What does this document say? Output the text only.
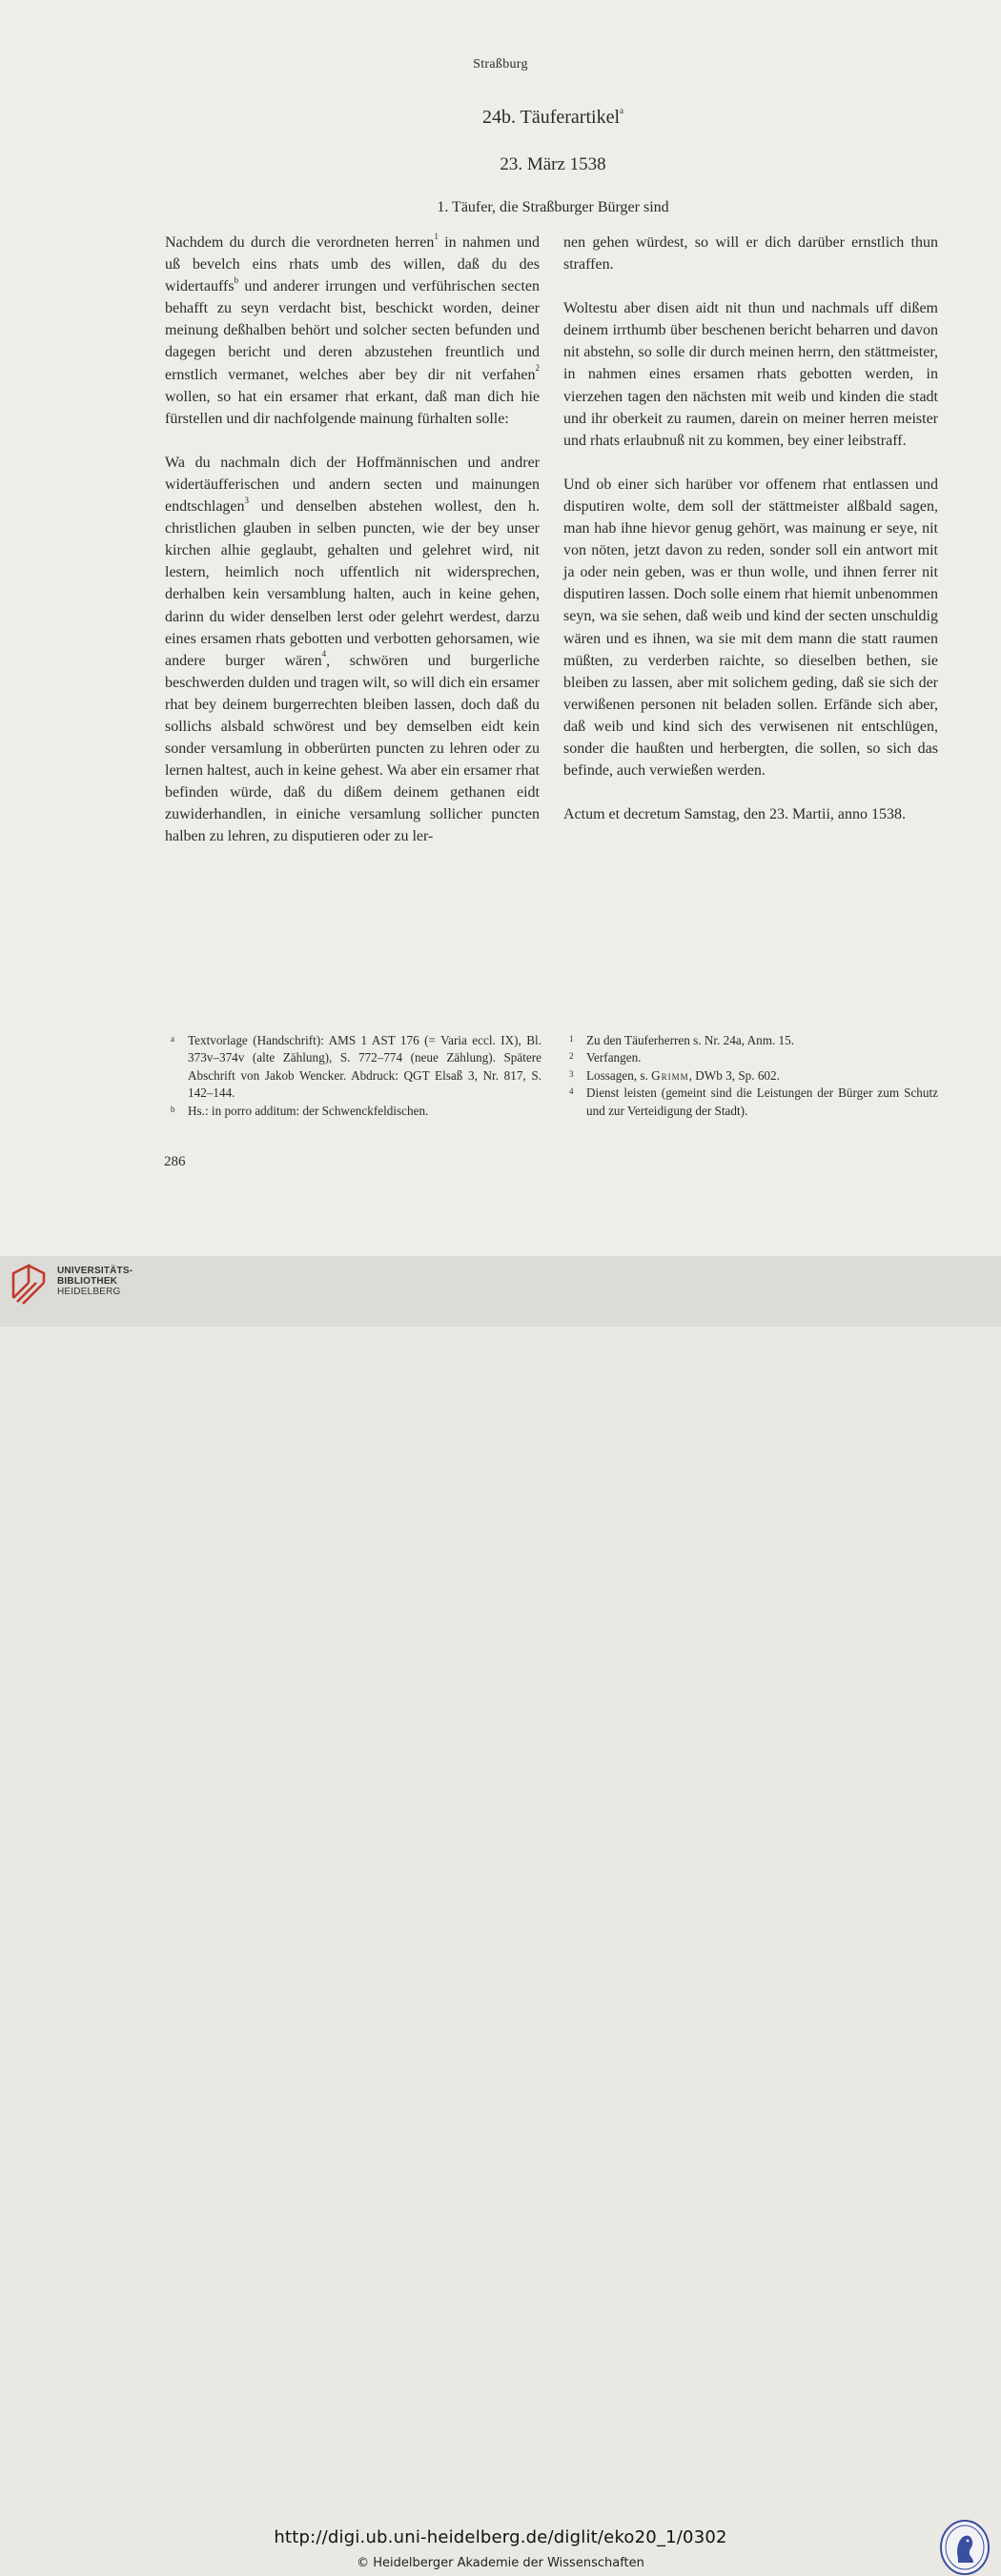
Straßburg
24b. Täuferartikel$^a$
23. März 1538
1. Täufer, die Straßburger Bürger sind

Nachdem du durch die verordneten herren$^1$ in nahmen und uß bevelch eins rhats umb des willen, daß du des widertauffs$^b$ und anderer irrungen und verführischen secten behafft zu seyn verdacht bist, beschickt worden, deiner meinung deßhalben behört und solcher secten befunden und dagegen bericht und deren abzustehen freuntlich und ernstlich vermanet, welches aber bey dir nit verfahen$^2$ wollen, so hat ein ersamer rhat erkant, daß man dich hie fürstellen und dir nachfolgende mainung fürhalten solle:

Wa du nachmaln dich der Hoffmännischen und andrer widertäufferischen und andern secten und mainungen endtschlagen$^3$ und denselben abstehen wollest, den h. christlichen glauben in selben puncten, wie der bey unser kirchen alhie geglaubt, gehalten und gelehret wird, nit lestern, heimlich noch uffentlich nit widersprechen, derhalben kein versamblung halten, auch in keine gehen, darinn du wider denselben lerst oder gelehrt werdest, darzu eines ersamen rhats gebotten und verbotten gehorsamen, wie andere burger wären$^4$, schwören und burgerliche beschwerden dulden und tragen wilt, so will dich ein ersamer rhat bey deinem burgerrechten bleiben lassen, doch daß du sollichs alsbald schwörest und bey demselben eidt kein sonder versamlung in obberürten puncten zu lehren oder zu lernen haltest, auch in keine gehest. Wa aber ein ersamer rhat befinden würde, daß du dißem deinem gethanen eidt zuwiderhandlen, in einiche versamlung sollicher puncten halben zu lehren, zu disputieren oder zu ler-

nen gehen würdest, so will er dich darüber ernstlich thun straffen.

Woltestu aber disen aidt nit thun und nachmals uff dißem deinem irrthumb über beschenen bericht beharren und davon nit abstehn, so solle dir durch meinen herrn, den stättmeister, in nahmen eines ersamen rhats gebotten werden, in vierzehen tagen den nächsten mit weib und kinden die stadt und ihr oberkeit zu raumen, darein on meiner herren meister und rhats erlaubnuß nit zu kommen, bey einer leibstraff.

Und ob einer sich harüber vor offenem rhat entlassen und disputiren wolte, dem soll der stättmeister alßbald sagen, man hab ihne hievor genug gehört, was mainung er seye, nit von nöten, jetzt davon zu reden, sonder soll ein antwort mit ja oder nein geben, was er thun wolle, und ihnen ferrer nit disputiren lassen. Doch solle einem rhat hiemit unbenommen seyn, wa sie sehen, daß weib und kind der secten unschuldig wären und es ihnen, wa sie mit dem mann die statt raumen müßten, zu verderben raichte, so dieselben bethen, sie bleiben zu lassen, aber mit solichem geding, daß sie sich der verwißenen personen nit beladen sollen. Erfände sich aber, daß weib und kind sich des verwisenen nit entschlügen, sonder die haußten und herbergten, die sollen, so sich das befinde, auch verwießen werden.

Actum et decretum Samstag, den 23. Martii, anno 1538.

a Textvorlage (Handschrift): AMS 1 AST 176 (= Varia eccl. IX), Bl. 373v–374v (alte Zählung), S. 772–774 (neue Zählung). Spätere Abschrift von Jakob Wencker. Abdruck: QGT Elsaß 3, Nr. 817, S. 142–144.
b Hs.: in porro additum: der Schwenckfeldischen.
1 Zu den Täuferherren s. Nr. 24a, Anm. 15.
2 Verfangen.
3 Lossagen, s. Grimm, DWb 3, Sp. 602.
4 Dienst leisten (gemeint sind die Leistungen der Bürger zum Schutz und zur Verteidigung der Stadt).
286
UNIVERSITÄTS-
BIBLIOTHEK
HEIDELBERG
http://digi.ub.uni-heidelberg.de/diglit/eko20_1/0302
© Heidelberger Akademie der Wissenschaften
